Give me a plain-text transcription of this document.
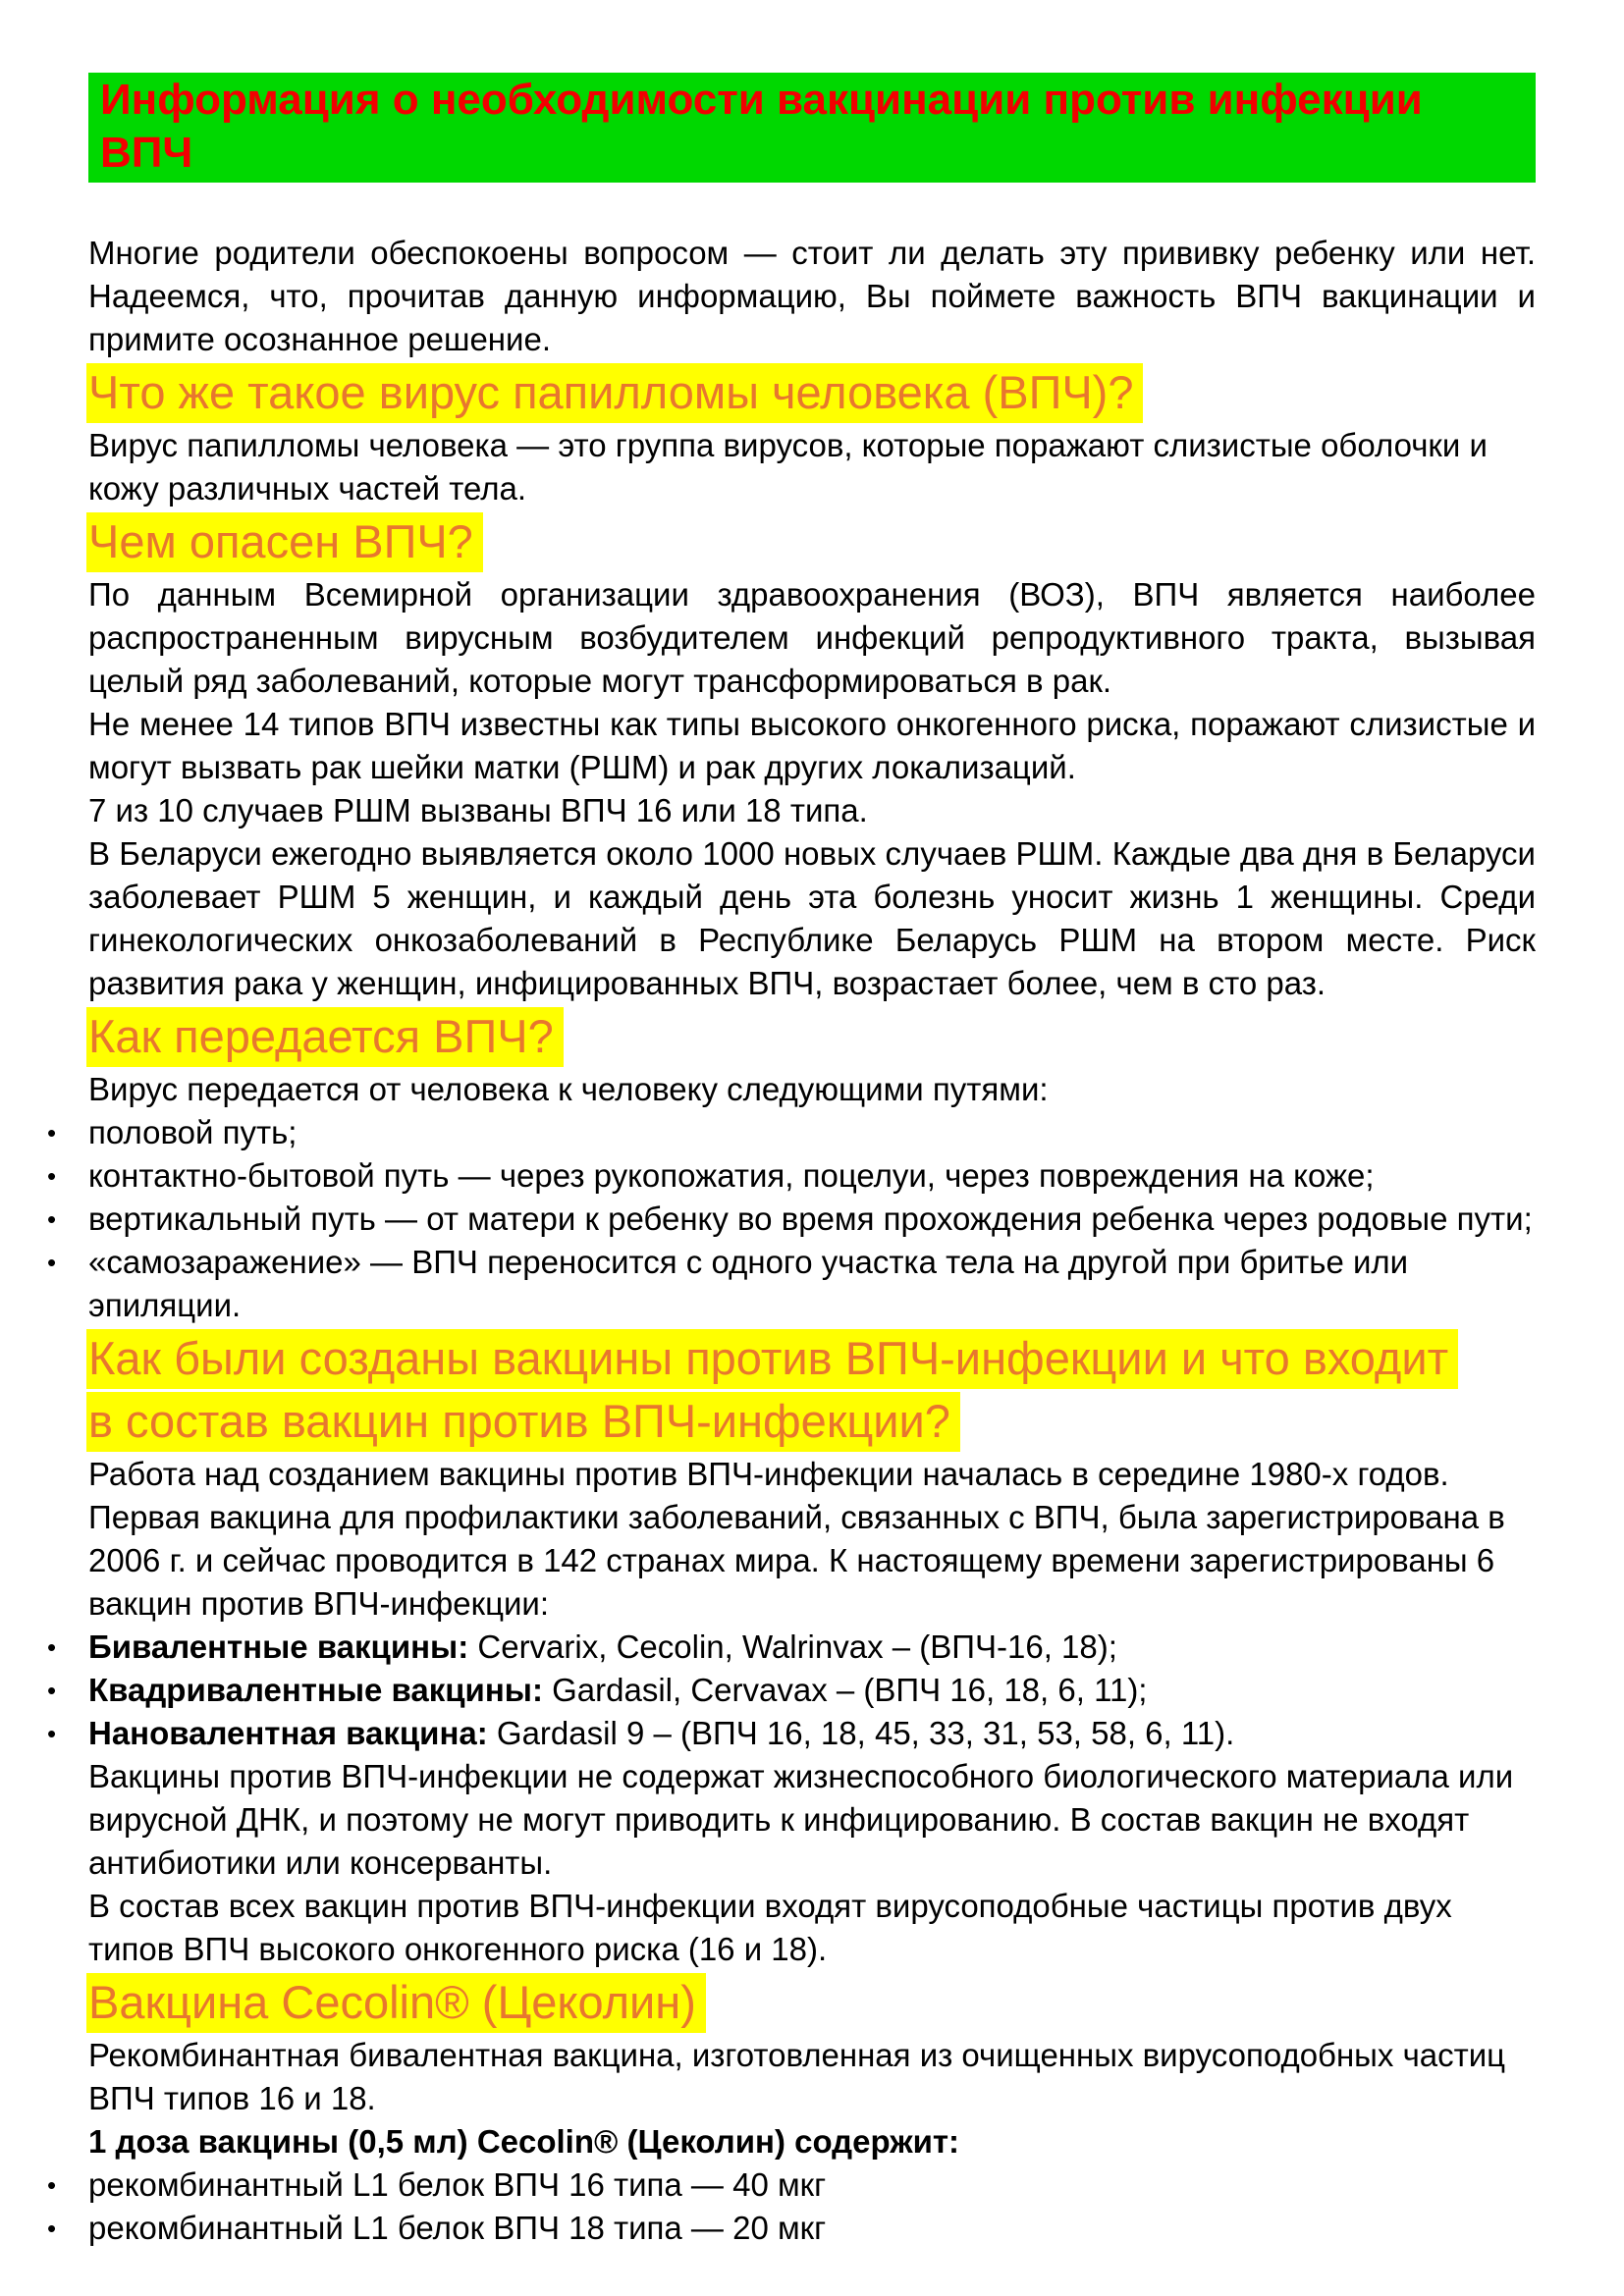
Информация о необходимости вакцинации против инфекции ВПЧ

Многие родители обеспокоены вопросом — стоит ли делать эту прививку ребенку или нет. Надеемся, что, прочитав данную информацию, Вы поймете важность ВПЧ вакцинации и примите осознанное решение.

Что же такое вирус папилломы человека (ВПЧ)?

Вирус папилломы человека — это группа вирусов, которые поражают слизистые оболочки и кожу различных частей тела.

Чем опасен ВПЧ?

По данным Всемирной организации здравоохранения (ВОЗ), ВПЧ является наиболее распространенным вирусным возбудителем инфекций репродуктивного тракта, вызывая целый ряд заболеваний, которые могут трансформироваться в рак.

Не менее 14 типов ВПЧ известны как типы высокого онкогенного риска, поражают слизистые и могут вызвать рак шейки матки (РШМ) и рак других локализаций.

7 из 10 случаев РШМ вызваны ВПЧ 16 или 18 типа.

В Беларуси ежегодно выявляется около 1000 новых случаев РШМ. Каждые два дня в Беларуси заболевает РШМ 5 женщин, и каждый день эта болезнь уносит жизнь 1 женщины. Среди гинекологических онкозаболеваний в Республике Беларусь РШМ на втором месте. Риск развития рака у женщин, инфицированных ВПЧ, возрастает более, чем в сто раз.

Как передается ВПЧ?

Вирус передается от человека к человеку следующими путями:

• половой путь;
• контактно-бытовой путь — через рукопожатия, поцелуи, через повреждения на коже;
• вертикальный путь — от матери к ребенку во время прохождения ребенка через родовые пути;
• «самозаражение» — ВПЧ переносится с одного участка тела на другой при бритье или эпиляции.
Как были созданы вакцины против ВПЧ-инфекции и что входит
в состав вакцин против ВПЧ-инфекции?

Работа над созданием вакцины против ВПЧ-инфекции началась в середине 1980-х годов. Первая вакцина для профилактики заболеваний, связанных с ВПЧ, была зарегистрирована в 2006 г. и сейчас проводится в 142 странах мира. К настоящему времени зарегистрированы 6 вакцин против ВПЧ-инфекции:

• Бивалентные вакцины: Cervarix, Cecolin, Walrinvax – (ВПЧ-16, 18);
• Квадривалентные вакцины: Gardasil, Cervavax – (ВПЧ 16, 18, 6, 11);
• Нановалентная вакцина: Gardasil 9 – (ВПЧ 16, 18, 45, 33, 31, 53, 58, 6, 11).

Вакцины против ВПЧ-инфекции не содержат жизнеспособного биологического материала или вирусной ДНК, и поэтому не могут приводить к инфицированию. В состав вакцин не входят антибиотики или консерванты.

В состав всех вакцин против ВПЧ-инфекции входят вирусоподобные частицы против двух типов ВПЧ высокого онкогенного риска (16 и 18).

Вакцина Cecolin® (Цеколин)

Рекомбинантная бивалентная вакцина, изготовленная из очищенных вирусоподобных частиц ВПЧ типов 16 и 18.

1 доза вакцины (0,5 мл) Cecolin® (Цеколин) содержит:

• рекомбинантный L1 белок ВПЧ 16 типа — 40 мкг
• рекомбинантный L1 белок ВПЧ 18 типа — 20 мкг
